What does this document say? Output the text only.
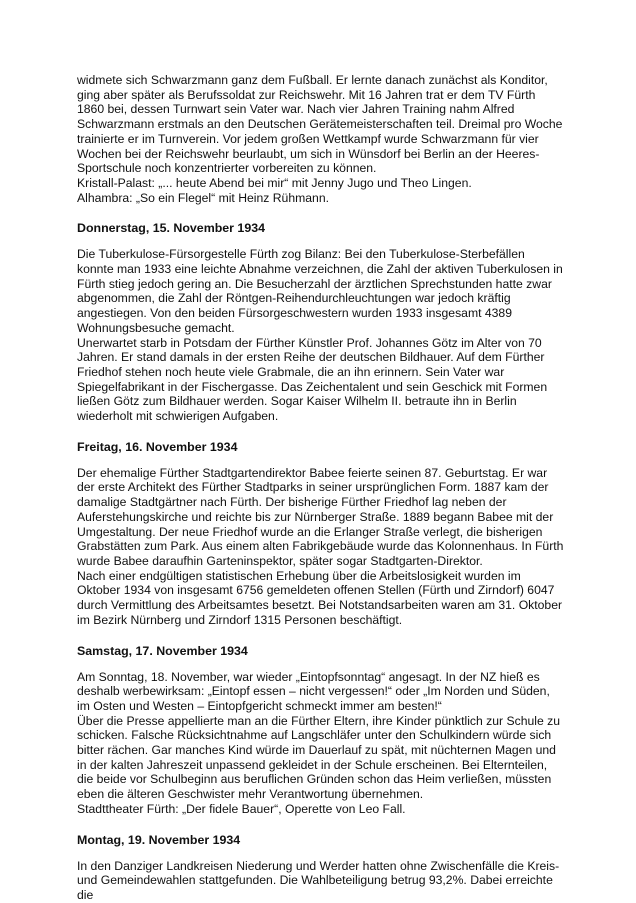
widmete sich Schwarzmann ganz dem Fußball. Er lernte danach zunächst als Konditor, ging aber später als Berufssoldat zur Reichswehr. Mit 16 Jahren trat er dem TV Fürth 1860 bei, dessen Turnwart sein Vater war. Nach vier Jahren Training nahm Alfred Schwarzmann erstmals an den Deutschen Gerätemeisterschaften teil. Dreimal pro Woche trainierte er im Turnverein. Vor jedem großen Wettkampf wurde Schwarzmann für vier Wochen bei der Reichswehr beurlaubt, um sich in Wünsdorf bei Berlin an der Heeres-Sportschule noch konzentrierter vorbereiten zu können.

Kristall-Palast: „... heute Abend bei mir“ mit Jenny Jugo und Theo Lingen.

Alhambra: „So ein Flegel“ mit Heinz Rühmann.

Donnerstag, 15. November 1934

Die Tuberkulose-Fürsorgestelle Fürth zog Bilanz: Bei den Tuberkulose-Sterbefällen konnte man 1933 eine leichte Abnahme verzeichnen, die Zahl der aktiven Tuberkulosen in Fürth stieg jedoch gering an. Die Besucherzahl der ärztlichen Sprechstunden hatte zwar abgenommen, die Zahl der Röntgen-Reihendurchleuchtungen war jedoch kräftig angestiegen. Von den beiden Fürsorgeschwestern wurden 1933 insgesamt 4389 Wohnungsbesuche gemacht.

Unerwartet starb in Potsdam der Fürther Künstler Prof. Johannes Götz im Alter von 70 Jahren. Er stand damals in der ersten Reihe der deutschen Bildhauer. Auf dem Fürther Friedhof stehen noch heute viele Grabmale, die an ihn erinnern. Sein Vater war Spiegelfabrikant in der Fischergasse. Das Zeichentalent und sein Geschick mit Formen ließen Götz zum Bildhauer werden. Sogar Kaiser Wilhelm II. betraute ihn in Berlin wiederholt mit schwierigen Aufgaben.

Freitag, 16. November 1934

Der ehemalige Fürther Stadtgartendirektor Babee feierte seinen 87. Geburtstag. Er war der erste Architekt des Fürther Stadtparks in seiner ursprünglichen Form. 1887 kam der damalige Stadtgärtner nach Fürth. Der bisherige Fürther Friedhof lag neben der Auferstehungskirche und reichte bis zur Nürnberger Straße. 1889 begann Babee mit der Umgestaltung. Der neue Friedhof wurde an die Erlanger Straße verlegt, die bisherigen Grabstätten zum Park. Aus einem alten Fabrikgebäude wurde das Kolonnenhaus. In Fürth wurde Babee daraufhin Garteninspektor, später sogar Stadtgarten-Direktor.

Nach einer endgültigen statistischen Erhebung über die Arbeitslosigkeit wurden im Oktober 1934 von insgesamt 6756 gemeldeten offenen Stellen (Fürth und Zirndorf) 6047 durch Vermittlung des Arbeitsamtes besetzt. Bei Notstandsarbeiten waren am 31. Oktober im Bezirk Nürnberg und Zirndorf 1315 Personen beschäftigt.

Samstag, 17. November 1934

Am Sonntag, 18. November, war wieder „Eintopfsonntag“ angesagt. In der NZ hieß es deshalb werbewirksam: „Eintopf essen – nicht vergessen!“ oder „Im Norden und Süden, im Osten und Westen – Eintopfgericht schmeckt immer am besten!“

Über die Presse appellierte man an die Fürther Eltern, ihre Kinder pünktlich zur Schule zu schicken. Falsche Rücksichtnahme auf Langschläfer unter den Schulkindern würde sich bitter rächen. Gar manches Kind würde im Dauerlauf zu spät, mit nüchternen Magen und in der kalten Jahreszeit unpassend gekleidet in der Schule erscheinen. Bei Elternteilen, die beide vor Schulbeginn aus beruflichen Gründen schon das Heim verließen, müssten eben die älteren Geschwister mehr Verantwortung übernehmen.

Stadttheater Fürth: „Der fidele Bauer“, Operette von Leo Fall.

Montag, 19. November 1934

In den Danziger Landkreisen Niederung und Werder hatten ohne Zwischenfälle die Kreis- und Gemeindewahlen stattgefunden. Die Wahlbeteiligung betrug 93,2%. Dabei erreichte die
